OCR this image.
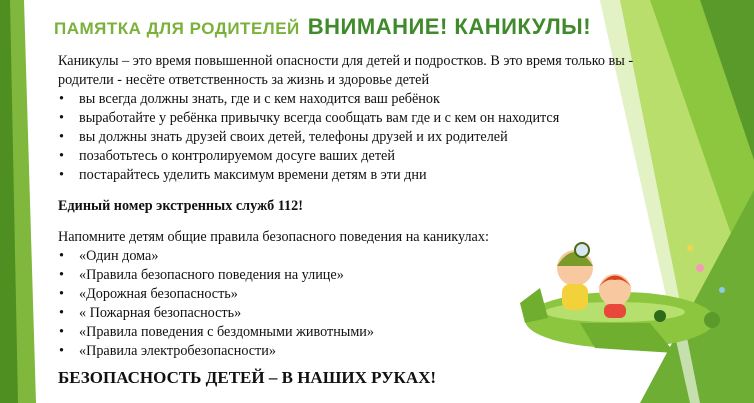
ПАМЯТКА ДЛЯ РОДИТЕЛЕЙ ВНИМАНИЕ! КАНИКУЛЫ!

Каникулы – это время повышенной опасности для детей и подростков. В это время только вы - родители - несёте ответственность за жизнь и здоровье детей

• вы всегда должны знать, где и с кем находится ваш ребёнок
• выработайте у ребёнка привычку всегда сообщать вам где и с кем он находится
• вы должны знать друзей своих детей, телефоны друзей и их родителей
• позаботьтесь о контролируемом досуге ваших детей
• постарайтесь уделить максимум времени детям в эти дни

Единый номер экстренных служб 112!

Напомните детям общие правила безопасного поведения на каникулах:

• «Один дома»
• «Правила безопасного поведения на улице»
• «Дорожная безопасность»
• « Пожарная безопасность»
• «Правила поведения с бездомными животными»
• «Правила электробезопасности»
БЕЗОПАСНОСТЬ ДЕТЕЙ – В НАШИХ РУКАХ!
